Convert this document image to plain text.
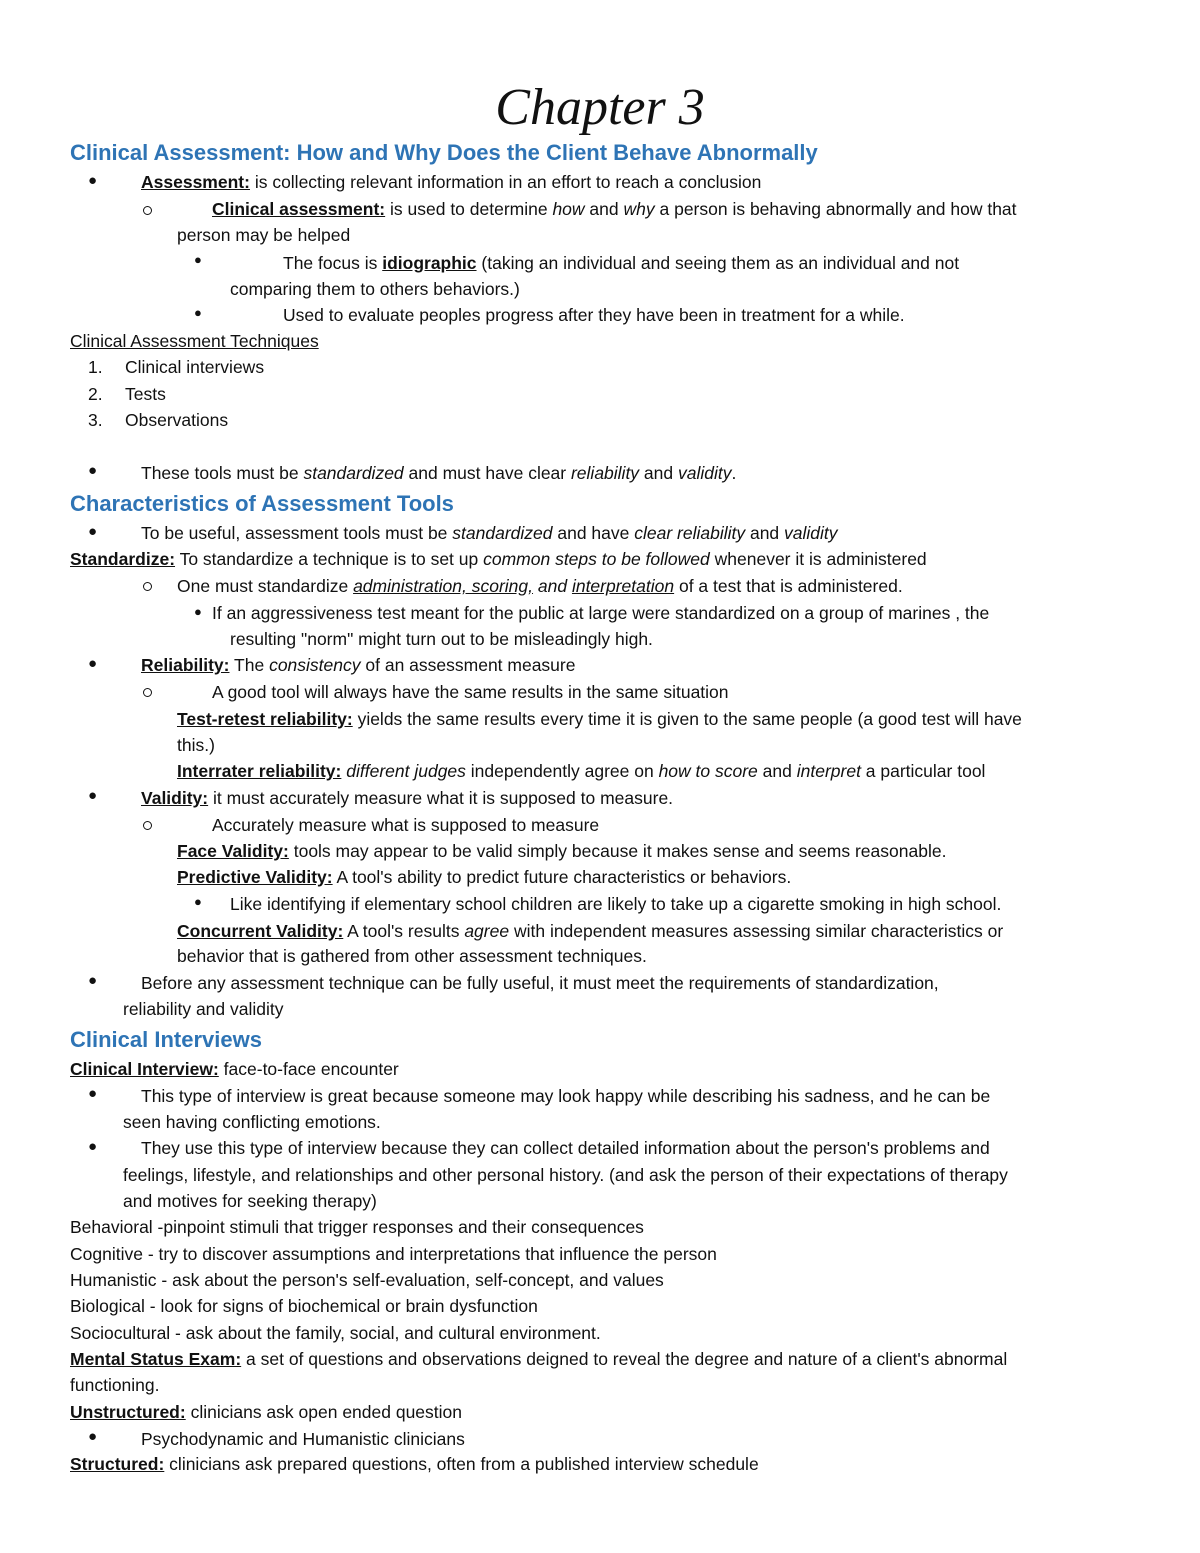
Chapter 3
Clinical Assessment: How and Why Does the Client Behave Abnormally
●	Assessment: is collecting relevant information in an effort to reach a conclusion
Clinical assessment: is used to determine how and why a person is behaving abnormally and how that
person may be helped
●	The focus is idiographic (taking an individual and seeing them as an individual and not
comparing them to others behaviors.)
●	Used to evaluate peoples progress after they have been in treatment for a while.
Clinical Assessment Techniques
1. Clinical interviews
2. Tests
3. Observations
●	These tools must be standardized and must have clear reliability and validity.
Characteristics of Assessment Tools
●	To be useful, assessment tools must be standardized and have clear reliability and validity
Standardize: To standardize a technique is to set up common steps to be followed whenever it is administered
One must standardize administration, scoring, and interpretation of a test that is administered.
● If an aggressiveness test meant for the public at large were standardized on a group of marines , the
resulting "norm" might turn out to be misleadingly high.
●	Reliability: The consistency of an assessment measure
A good tool will always have the same results in the same situation
Test-retest reliability: yields the same results every time it is given to the same people (a good test will have
this.)
Interrater reliability: different judges independently agree on how to score and interpret a particular tool
●	Validity: it must accurately measure what it is supposed to measure.
Accurately measure what is supposed to measure
Face Validity: tools may appear to be valid simply because it makes sense and seems reasonable.
Predictive Validity: A tool's ability to predict future characteristics or behaviors.
● Like identifying if elementary school children are likely to take up a cigarette smoking in high school.
Concurrent Validity: A tool's results agree with independent measures assessing similar characteristics or
behavior that is gathered from other assessment techniques.
●	Before any assessment technique can be fully useful, it must meet the requirements of standardization,
reliability and validity
Clinical Interviews
Clinical Interview: face-to-face encounter
●	This type of interview is great because someone may look happy while describing his sadness, and he can be
seen having conflicting emotions.
●	They use this type of interview because they can collect detailed information about the person's problems and
feelings, lifestyle, and relationships and other personal history. (and ask the person of their expectations of therapy
and motives for seeking therapy)
Behavioral -pinpoint stimuli that trigger responses and their consequences
Cognitive - try to discover assumptions and interpretations that influence the person
Humanistic - ask about the person's self-evaluation, self-concept, and values
Biological - look for signs of biochemical or brain dysfunction
Sociocultural - ask about the family, social, and cultural environment.
Mental Status Exam: a set of questions and observations deigned to reveal the degree and nature of a client's abnormal
functioning.
Unstructured: clinicians ask open ended question
●	Psychodynamic and Humanistic clinicians
Structured: clinicians ask prepared questions, often from a published interview schedule
